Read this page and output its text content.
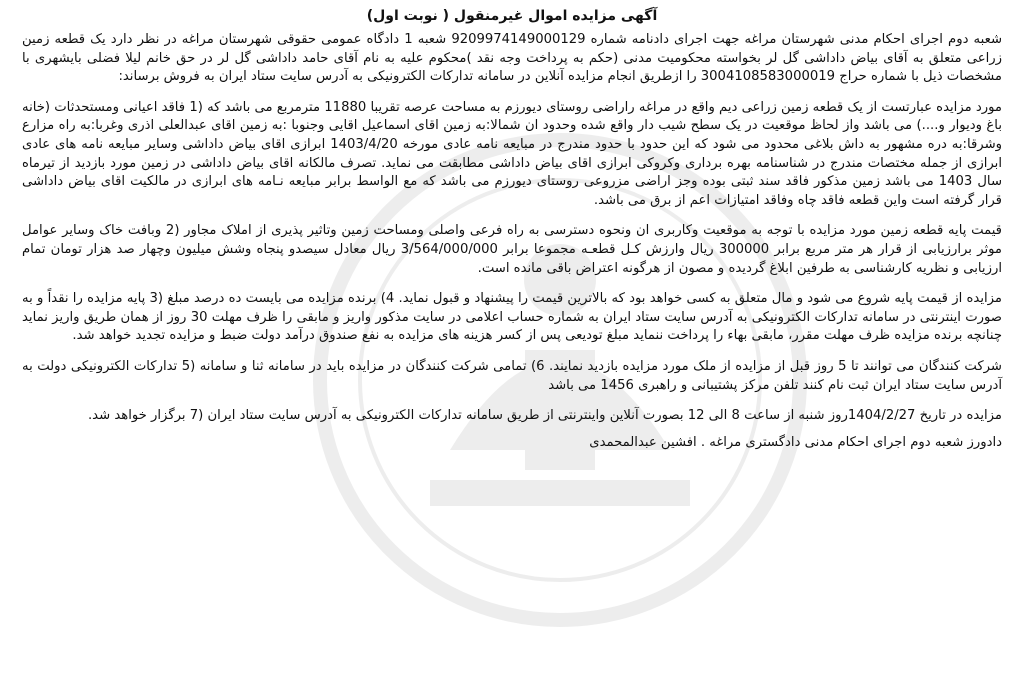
آگهی مزایده اموال غیرمنقول ( نوبت اول)

شعبه دوم اجرای احکام مدنی شهرستان مراغه جهت اجرای دادنامه شماره 9209974149000129 شعبه 1 دادگاه عمومی حقوقی شهرستان مراغه در نظر دارد یک قطعه زمین زراعی متعلق به آقای بیاض داداشی گل لر بخواسته محکومیت مدنی (حکم به پرداخت وجه نقد )محکوم علیه به نام آقای حامد داداشی گل لر در حق خانم لیلا فضلی بایشهری با مشخصات ذیل با شماره حراج 3004108583000019 را ازطریق انجام مزایده آنلاین در سامانه تدارکات الکترونیکی به آدرس سایت ستاد ایران به فروش برساند:

مورد مزایده عبارتست از یک قطعه زمین زراعی دیم واقع در مراغه راراضی روستای دیورزم به مساحت عرصه تقریبا 11880 مترمربع می باشد که (1 فاقد اعیانی ومستحدثات (خانه باغ وديوار و....) می باشد واز لحاظ موقعیت در یک سطح شیب دار واقع شده وحدود ان شمالا:به زمین اقای اسماعیل اقایی وجنوبا :به زمین اقای عبدالعلی اذری وغربا:به راه مزارع وشرقا:به دره مشهور به داش بلاغی محدود می شود که این حدود با حدود مندرج در مبایعه نامه عادی مورخه 1403/4/20 ابرازی اقای بیاض داداشی وسایر مبایعه نامه های عادی ابرازی از جمله مختصات مندرج در شناسنامه بهره برداری وکروکی ابرازی اقای بیاض داداشی مطابقت می نماید. تصرف مالکانه اقای بیاض داداشی در زمین مورد بازدید از تیرماه سال 1403 می باشد زمین مذکور فاقد سند ثبتی بوده وجز اراضی مزروعی روستای دیورزم می باشد که مع الواسط برابر مبایعه نـامه های ابرازی در مالکیت اقای بیاض داداشی قرار گرفته است واین قطعه فاقد چاه وفاقد امتیازات اعم از برق می باشد.

قیمت پایه قطعه زمین مورد مزایده با توجه به موقعیت وکاربری ان ونحوه دسترسی به راه فرعی واصلی ومساحت زمین وتاثیر پذیری از املاک مجاور (2 وبافت خاک وسایر عوامل موثر برارزیابی از قرار هر متر مربع برابر 300000 ریال وارزش کـل قطعـه مجموعا برابر 3/564/000/000 ریال معادل سیصدو پنجاه وشش میلیون وچهار صد هزار تومان تمام ارزیابی و نظریه کارشناسی به طرفین ابلاغ گردیده و مصون از هرگونه اعتراض باقی مانده است.

مزایده از قیمت پایه شروع می شود و مال متعلق به کسی خواهد بود که بالاترین قیمت را پیشنهاد و قبول نماید. 4) برنده مزایده می بایست ده درصد مبلغ (3 پایه مزایده را نقداً و به صورت اینترنتی در سامانه تدارکات الکترونیکی به آدرس سایت ستاد ایران به شماره حساب اعلامی در سایت مذکور واریز و مابقی را ظرف مهلت 30 روز از همان طریق واریز نماید چنانچه برنده مزایده ظرف مهلت مقرر، مابقی بهاء را پرداخت ننماید مبلغ تودیعی پس از کسر هزینه های مزایده به نفع صندوق درآمد دولت ضبط و مزایده تجدید خواهد شد.

شرکت کنندگان می توانند تا 5 روز قبل از مزایده از ملک مورد مزایده بازدید نمایند. 6) تمامی شرکت کنندگان در مزایده باید در سامانه ثنا و سامانه (5 تدارکات الکترونیکی دولت به آدرس سایت ستاد ایران ثبت نام کنند تلفن مرکز پشتیبانی و راهبری 1456 می باشد

مزایده در تاریخ 1404/2/27روز شنبه از ساعت 8 الی 12 بصورت آنلاین واینترنتی از طریق سامانه تدارکات الکترونیکی به آدرس سایت ستاد ایران (7 برگزار خواهد شد.

دادورز شعبه دوم اجرای احکام مدنی دادگستری مراغه . افشین عبدالمحمدی
